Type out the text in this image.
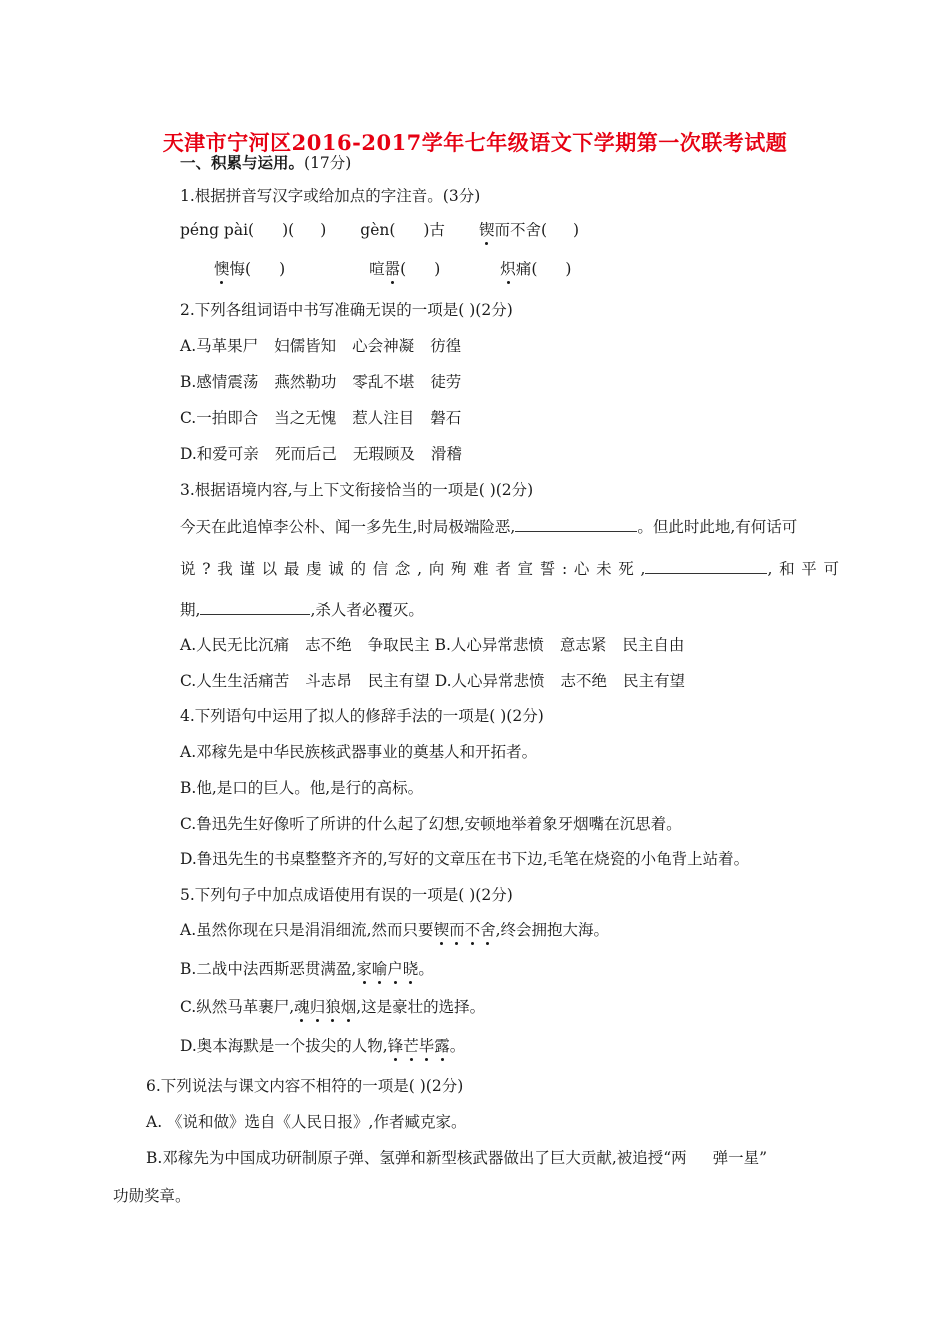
天津市宁河区2016-2017学年七年级语文下学期第一次联考试题
一、积累与运用。(17分)
1.根据拼音写汉字或给加点的字注音。(3分)
péng pài( )( ) gèn( )古 锲而不舍( )
懊悔( )	喧嚣( )	炽痛( )
2.下列各组词语中书写准确无误的一项是( )(2分)
A.马革果尸 妇儒皆知 心会神凝 彷徨
B.感情震荡 燕然勒功 零乱不堪 徒劳
C.一拍即合 当之无愧 惹人注目 磐石
D.和爱可亲 死而后己 无瑕顾及 滑稽
3.根据语境内容,与上下文衔接恰当的一项是( )(2分)
今天在此追悼李公朴、闻一多先生,时局极端险恶,	。但此时此地,有何话可
说?我谨以最虔诚的信念,向殉难者宣誓:心未死,	,和平可
期,	,杀人者必覆灭。
A.人民无比沉痛 志不绝 争取民主 B.人心异常悲愤 意志紧 民主自由
C.人生生活痛苦 斗志昂 民主有望 D.人心异常悲愤 志不绝 民主有望
4.下列语句中运用了拟人的修辞手法的一项是( )(2分)
A.邓稼先是中华民族核武器事业的奠基人和开拓者。
B.他,是口的巨人。他,是行的高标。
C.鲁迅先生好像听了所讲的什么起了幻想,安顿地举着象牙烟嘴在沉思着。
D.鲁迅先生的书桌整整齐齐的,写好的文章压在书下边,毛笔在烧瓷的小龟背上站着。
5.下列句子中加点成语使用有误的一项是( )(2分)
A.虽然你现在只是涓涓细流,然而只要锲而不舍,终会拥抱大海。
B.二战中法西斯恶贯满盈,家喻户晓。
C.纵然马革裹尸,魂归狼烟,这是豪壮的选择。
D.奥本海默是一个拔尖的人物,锋芒毕露。
6.下列说法与课文内容不相符的一项是( )(2分)
A. 《说和做》选自《人民日报》,作者臧克家。
B.邓稼先为中国成功研制原子弹、氢弹和新型核武器做出了巨大贡献,被追授“两 弹一星”
功勋奖章。
